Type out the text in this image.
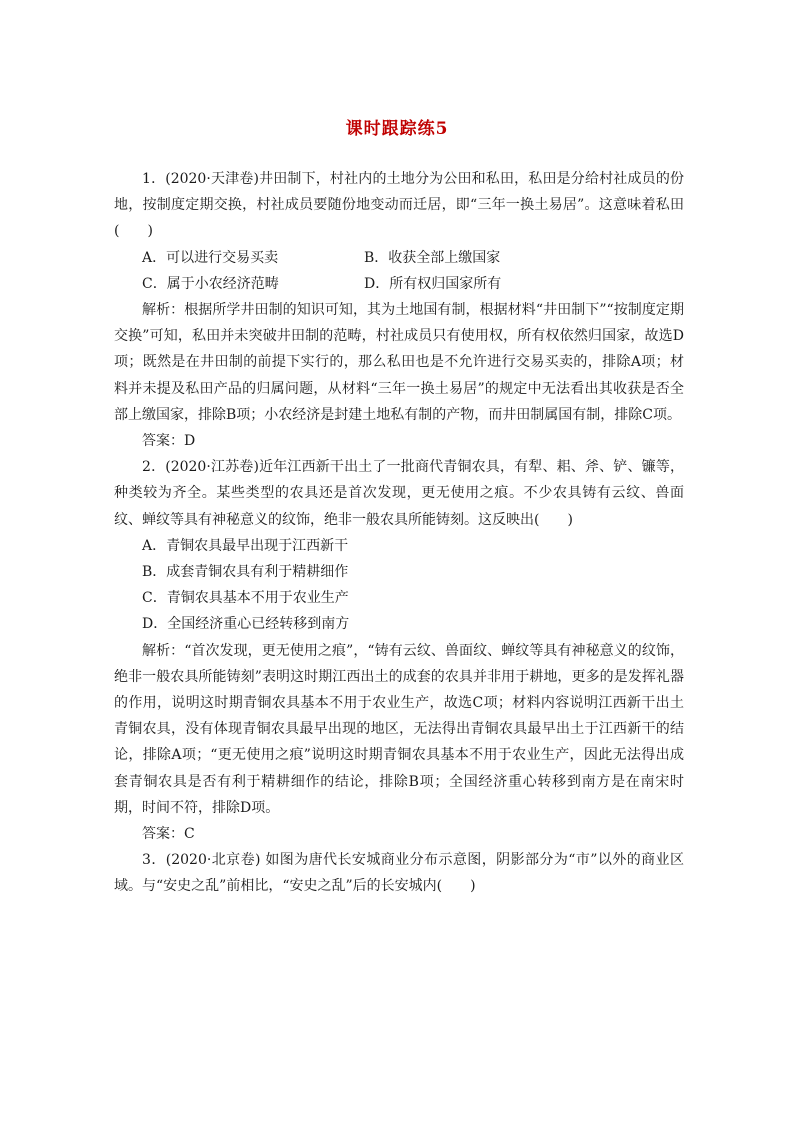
课时跟踪练5

1．(2020·天津卷)井田制下，村社内的土地分为公田和私田，私田是分给村社成员的份地，按制度定期交换，村社成员要随份地变动而迁居，即“三年一换土易居”。这意味着私田(　　)

A．可以进行交易买卖	B．收获全部上缴国家
C．属于小农经济范畴	D．所有权归国家所有

解析：根据所学井田制的知识可知，其为土地国有制，根据材料“井田制下”“按制度定期交换”可知，私田并未突破井田制的范畴，村社成员只有使用权，所有权依然归国家，故选D项；既然是在井田制的前提下实行的，那么私田也是不允许进行交易买卖的，排除A项；材料并未提及私田产品的归属问题，从材料“三年一换土易居”的规定中无法看出其收获是否全部上缴国家，排除B项；小农经济是封建土地私有制的产物，而井田制属国有制，排除C项。

答案：D

2．(2020·江苏卷)近年江西新干出土了一批商代青铜农具，有犁、耜、斧、铲、镰等，种类较为齐全。某些类型的农具还是首次发现，更无使用之痕。不少农具铸有云纹、兽面纹、蝉纹等具有神秘意义的纹饰，绝非一般农具所能铸刻。这反映出(　　)

A．青铜农具最早出现于江西新干

B．成套青铜农具有利于精耕细作

C．青铜农具基本不用于农业生产

D．全国经济重心已经转移到南方

解析：“首次发现，更无使用之痕”，“铸有云纹、兽面纹、蝉纹等具有神秘意义的纹饰，绝非一般农具所能铸刻”表明这时期江西出土的成套的农具并非用于耕地，更多的是发挥礼器的作用，说明这时期青铜农具基本不用于农业生产，故选C项；材料内容说明江西新干出土青铜农具，没有体现青铜农具最早出现的地区，无法得出青铜农具最早出土于江西新干的结论，排除A项；“更无使用之痕”说明这时期青铜农具基本不用于农业生产，因此无法得出成套青铜农具是否有利于精耕细作的结论，排除B项；全国经济重心转移到南方是在南宋时期，时间不符，排除D项。

答案：C

3．(2020·北京卷) 如图为唐代长安城商业分布示意图，阴影部分为“市”以外的商业区域。与“安史之乱”前相比，“安史之乱”后的长安城内(　　)
